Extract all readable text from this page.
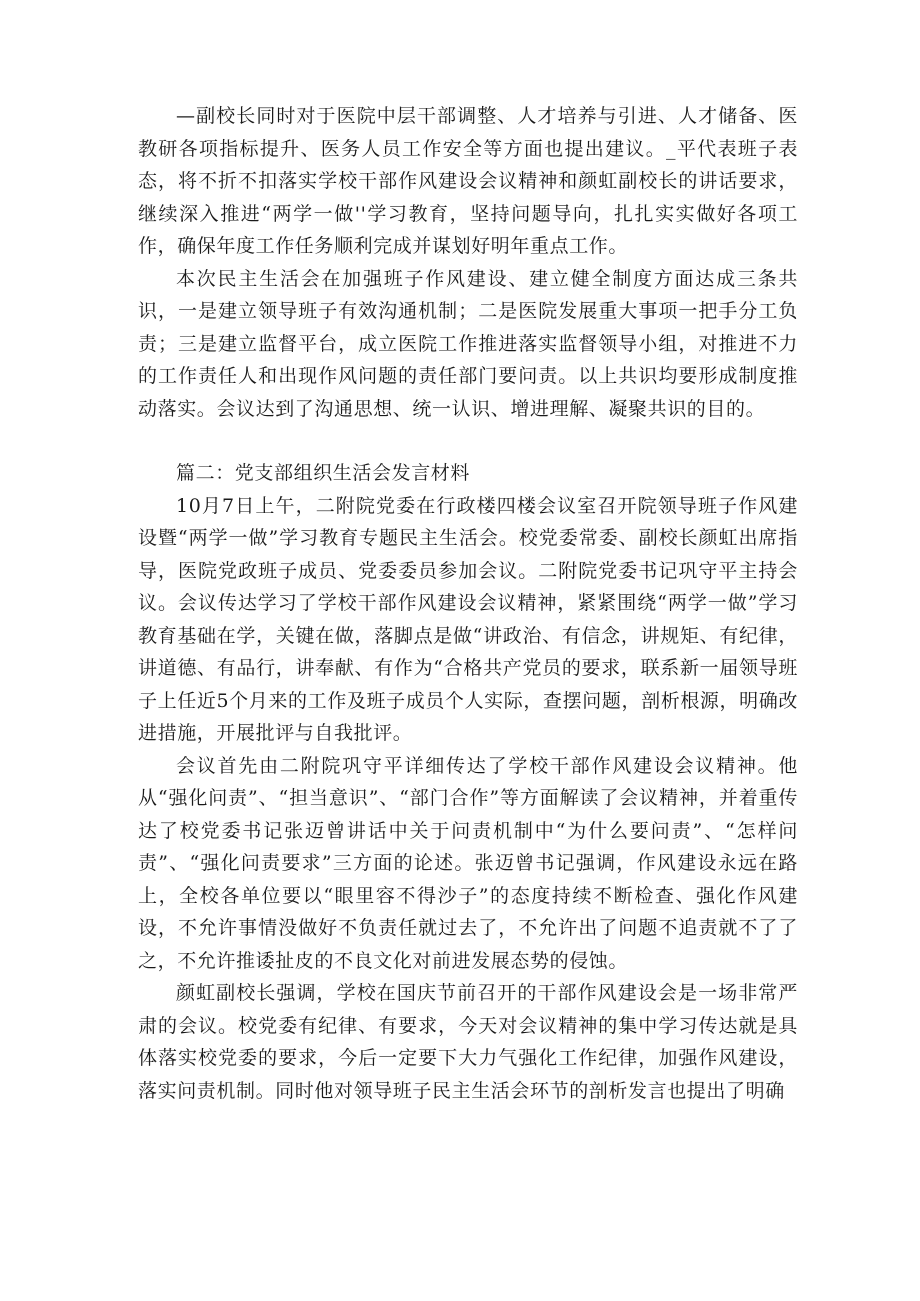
—副校长同时对于医院中层干部调整、人才培养与引进、人才储备、医教研各项指标提升、医务人员工作安全等方面也提出建议。_平代表班子表态，将不折不扣落实学校干部作风建设会议精神和颜虹副校长的讲话要求，继续深入推进“两学一做''学习教育，坚持问题导向，扎扎实实做好各项工作，确保年度工作任务顺利完成并谋划好明年重点工作。

本次民主生活会在加强班子作风建设、建立健全制度方面达成三条共识，一是建立领导班子有效沟通机制；二是医院发展重大事项一把手分工负责；三是建立监督平台，成立医院工作推进落实监督领导小组，对推进不力的工作责任人和出现作风问题的责任部门要问责。以上共识均要形成制度推动落实。会议达到了沟通思想、统一认识、增进理解、凝聚共识的目的。

篇二：党支部组织生活会发言材料

10月7日上午，二附院党委在行政楼四楼会议室召开院领导班子作风建设暨“两学一做”学习教育专题民主生活会。校党委常委、副校长颜虹出席指导，医院党政班子成员、党委委员参加会议。二附院党委书记巩守平主持会议。会议传达学习了学校干部作风建设会议精神，紧紧围绕“两学一做”学习教育基础在学，关键在做，落脚点是做“讲政治、有信念，讲规矩、有纪律，讲道德、有品行，讲奉献、有作为“合格共产党员的要求，联系新一届领导班子上任近5个月来的工作及班子成员个人实际，查摆问题，剖析根源，明确改进措施，开展批评与自我批评。

会议首先由二附院巩守平详细传达了学校干部作风建设会议精神。他从“强化问责”、“担当意识”、“部门合作”等方面解读了会议精神，并着重传达了校党委书记张迈曾讲话中关于问责机制中“为什么要问责”、“怎样问责”、“强化问责要求”三方面的论述。张迈曾书记强调，作风建设永远在路上，全校各单位要以“眼里容不得沙子”的态度持续不断检查、强化作风建设，不允许事情没做好不负责任就过去了，不允许出了问题不追责就不了了之，不允许推诿扯皮的不良文化对前进发展态势的侵蚀。

颜虹副校长强调，学校在国庆节前召开的干部作风建设会是一场非常严肃的会议。校党委有纪律、有要求，今天对会议精神的集中学习传达就是具体落实校党委的要求，今后一定要下大力气强化工作纪律，加强作风建设，落实问责机制。同时他对领导班子民主生活会环节的剖析发言也提出了明确
